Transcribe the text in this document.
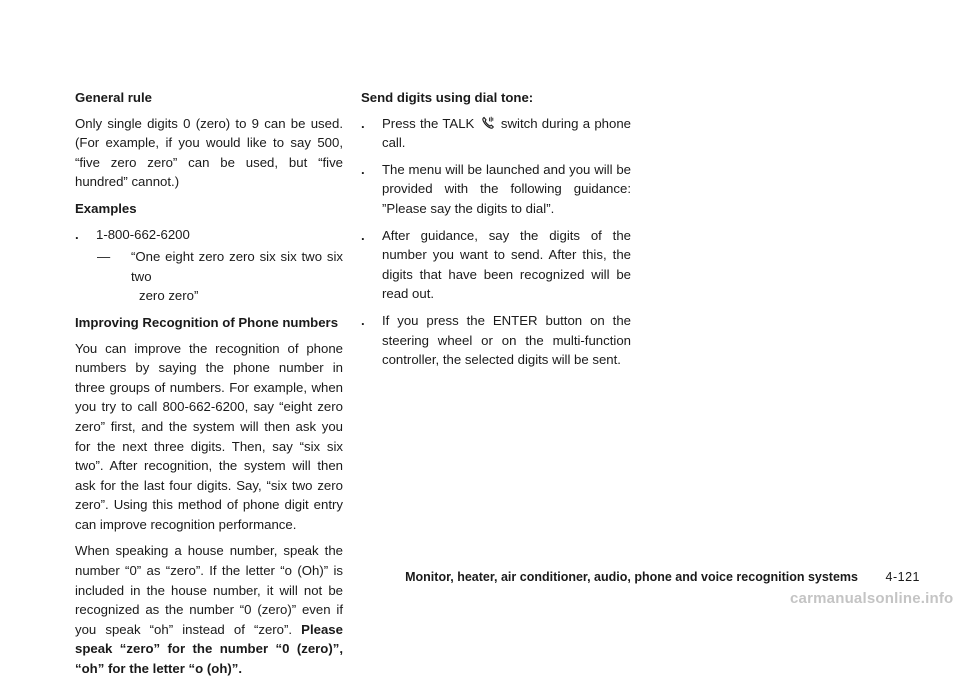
General rule

Only single digits 0 (zero) to 9 can be used. (For example, if you would like to say 500, “five zero zero” can be used, but “five hundred” cannot.)

Examples
. 1-800-662-6200
— “One eight zero zero six six two six two
zero zero”
Improving Recognition of Phone numbers

You can improve the recognition of phone numbers by saying the phone number in three groups of numbers. For example, when you try to call 800-662-6200, say “eight zero zero” first, and the system will then ask you for the next three digits. Then, say “six six two”. After recognition, the system will then ask for the last four digits. Say, “six two zero zero”. Using this method of phone digit entry can improve recognition performance.

When speaking a house number, speak the number “0” as “zero”. If the letter “o (Oh)” is included in the house number, it will not be recognized as the number “0 (zero)” even if you speak “oh” instead of “zero”. Please speak “zero” for the number “0 (zero)”, “oh” for the letter “o (oh)”.

Send digits using dial tone:
. Press the TALK switch during a phone call.
. The menu will be launched and you will be provided with the following guidance: ”Please say the digits to dial”.
. After guidance, say the digits of the number you want to send. After this, the digits that have been recognized will be read out.
. If you press the ENTER button on the steering wheel or on the multi-function controller, the selected digits will be sent.
Monitor, heater, air conditioner, audio, phone and voice recognition systems 4-121
carmanualsonline.info
